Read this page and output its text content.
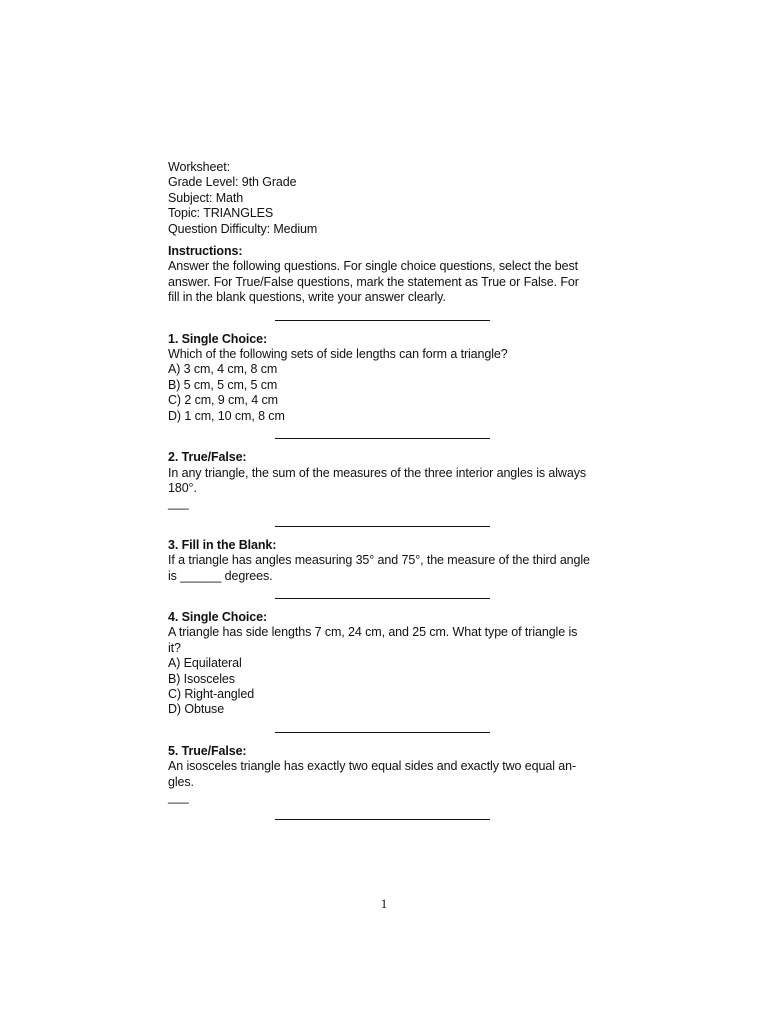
Worksheet:
Grade Level: 9th Grade
Subject: Math
Topic: TRIANGLES
Question Difficulty: Medium
Instructions:
Answer the following questions. For single choice questions, select the best
answer. For True/False questions, mark the statement as True or False. For
fill in the blank questions, write your answer clearly.
1. Single Choice:
Which of the following sets of side lengths can form a triangle?
A) 3 cm, 4 cm, 8 cm
B) 5 cm, 5 cm, 5 cm
C) 2 cm, 9 cm, 4 cm
D) 1 cm, 10 cm, 8 cm
2. True/False:
In any triangle, the sum of the measures of the three interior angles is always
180°.
___
3. Fill in the Blank:
If a triangle has angles measuring 35° and 75°, the measure of the third angle
is ______ degrees.
4. Single Choice:
A triangle has side lengths 7 cm, 24 cm, and 25 cm. What type of triangle is
it?
A) Equilateral
B) Isosceles
C) Right-angled
D) Obtuse
5. True/False:
An isosceles triangle has exactly two equal sides and exactly two equal an-
gles.
___
1
